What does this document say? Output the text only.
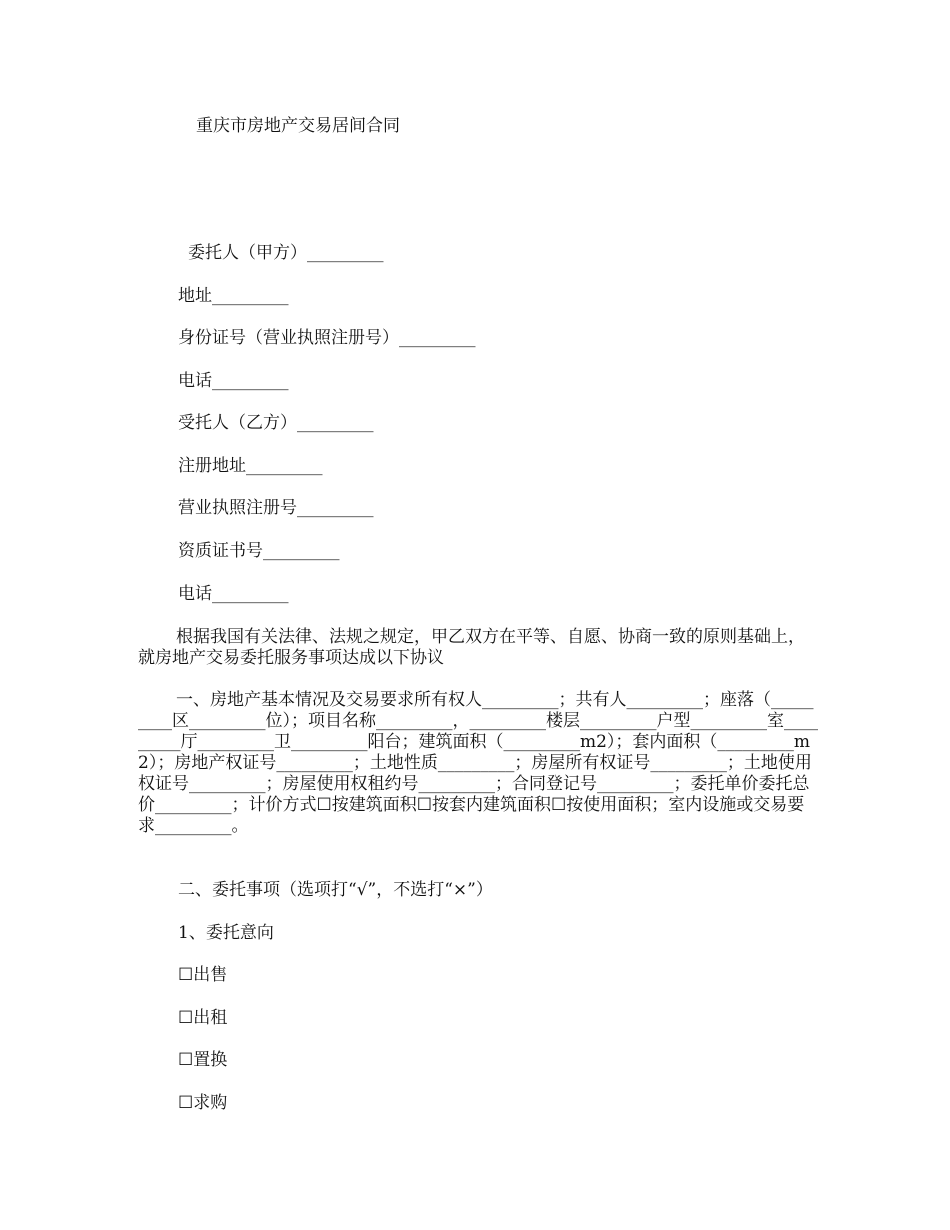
重庆市房地产交易居间合同
委托人（甲方）_________
地址_________
身份证号（营业执照注册号）_________
电话_________
受托人（乙方）_________
注册地址_________
营业执照注册号_________
资质证书号_________
电话_________
根据我国有关法律、法规之规定，甲乙双方在平等、自愿、协商一致的原则基础上，就房地产交易委托服务事项达成以下协议
一、房地产基本情况及交易要求所有权人_________；共有人_________；座落（_________区_________位）；项目名称_________，_________楼层_________户型_________室_________厅_________卫_________阳台；建筑面积（_________m2）；套内面积（_________m2）；房地产权证号_________；土地性质_________；房屋所有权证号_________；土地使用权证号_________；房屋使用权租约号_________；合同登记号_________；委托单价委托总价_________；计价方式☐按建筑面积☐按套内建筑面积☐按使用面积；室内设施或交易要求_________。
二、委托事项（选项打“√”，不选打“×”）
1、委托意向
☐出售
☐出租
☐置换
☐求购
